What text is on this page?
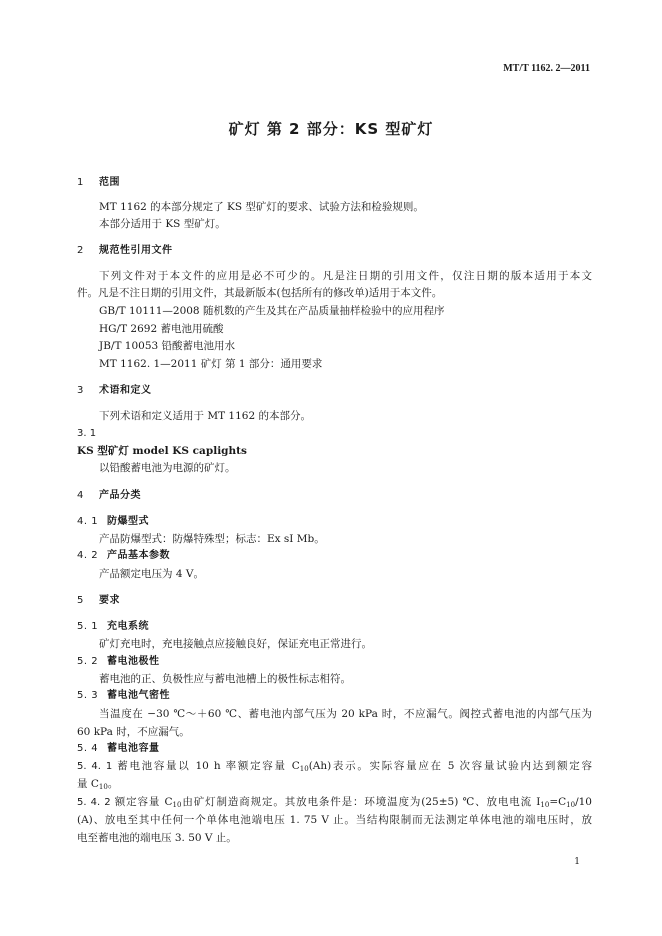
MT/T 1162. 2—2011
矿灯 第 2 部分：KS 型矿灯
1 范围
MT 1162 的本部分规定了 KS 型矿灯的要求、试验方法和检验规则。
本部分适用于 KS 型矿灯。
2 规范性引用文件
下列文件对于本文件的应用是必不可少的。凡是注日期的引用文件，仅注日期的版本适用于本文
件。凡是不注日期的引用文件，其最新版本(包括所有的修改单)适用于本文件。
GB/T 10111—2008 随机数的产生及其在产品质量抽样检验中的应用程序
HG/T 2692 蓄电池用硫酸
JB/T 10053 铅酸蓄电池用水
MT 1162. 1—2011 矿灯 第 1 部分：通用要求
3 术语和定义
下列术语和定义适用于 MT 1162 的本部分。
3. 1
KS 型矿灯 model KS caplights
以铅酸蓄电池为电源的矿灯。
4 产品分类
4. 1 防爆型式
产品防爆型式：防爆特殊型；标志：Ex sⅠ Mb。
4. 2 产品基本参数
产品额定电压为 4 V。
5 要求
5. 1 充电系统
矿灯充电时，充电接触点应接触良好，保证充电正常进行。
5. 2 蓄电池极性
蓄电池的正、负极性应与蓄电池槽上的极性标志相符。
5. 3 蓄电池气密性
当温度在 −30 ℃～＋60 ℃、蓄电池内部气压为 20 kPa 时，不应漏气。阀控式蓄电池的内部气压为
60 kPa 时，不应漏气。
5. 4 蓄电池容量
5. 4. 1 蓄电池容量以 10 h 率额定容量 $C_{10}(Ah)$表示。实际容量应在 5 次容量试验内达到额定容
量 $C_{10}$。
5. 4. 2 额定容量 $C_{10}$由矿灯制造商规定。其放电条件是：环境温度为(25±5) ℃、放电电流 $I_{10}=C_{10}/10$
(A)、放电至其中任何一个单体电池端电压 1. 75 V 止。当结构限制而无法测定单体电池的端电压时，放
电至蓄电池的端电压 3. 50 V 止。
1
